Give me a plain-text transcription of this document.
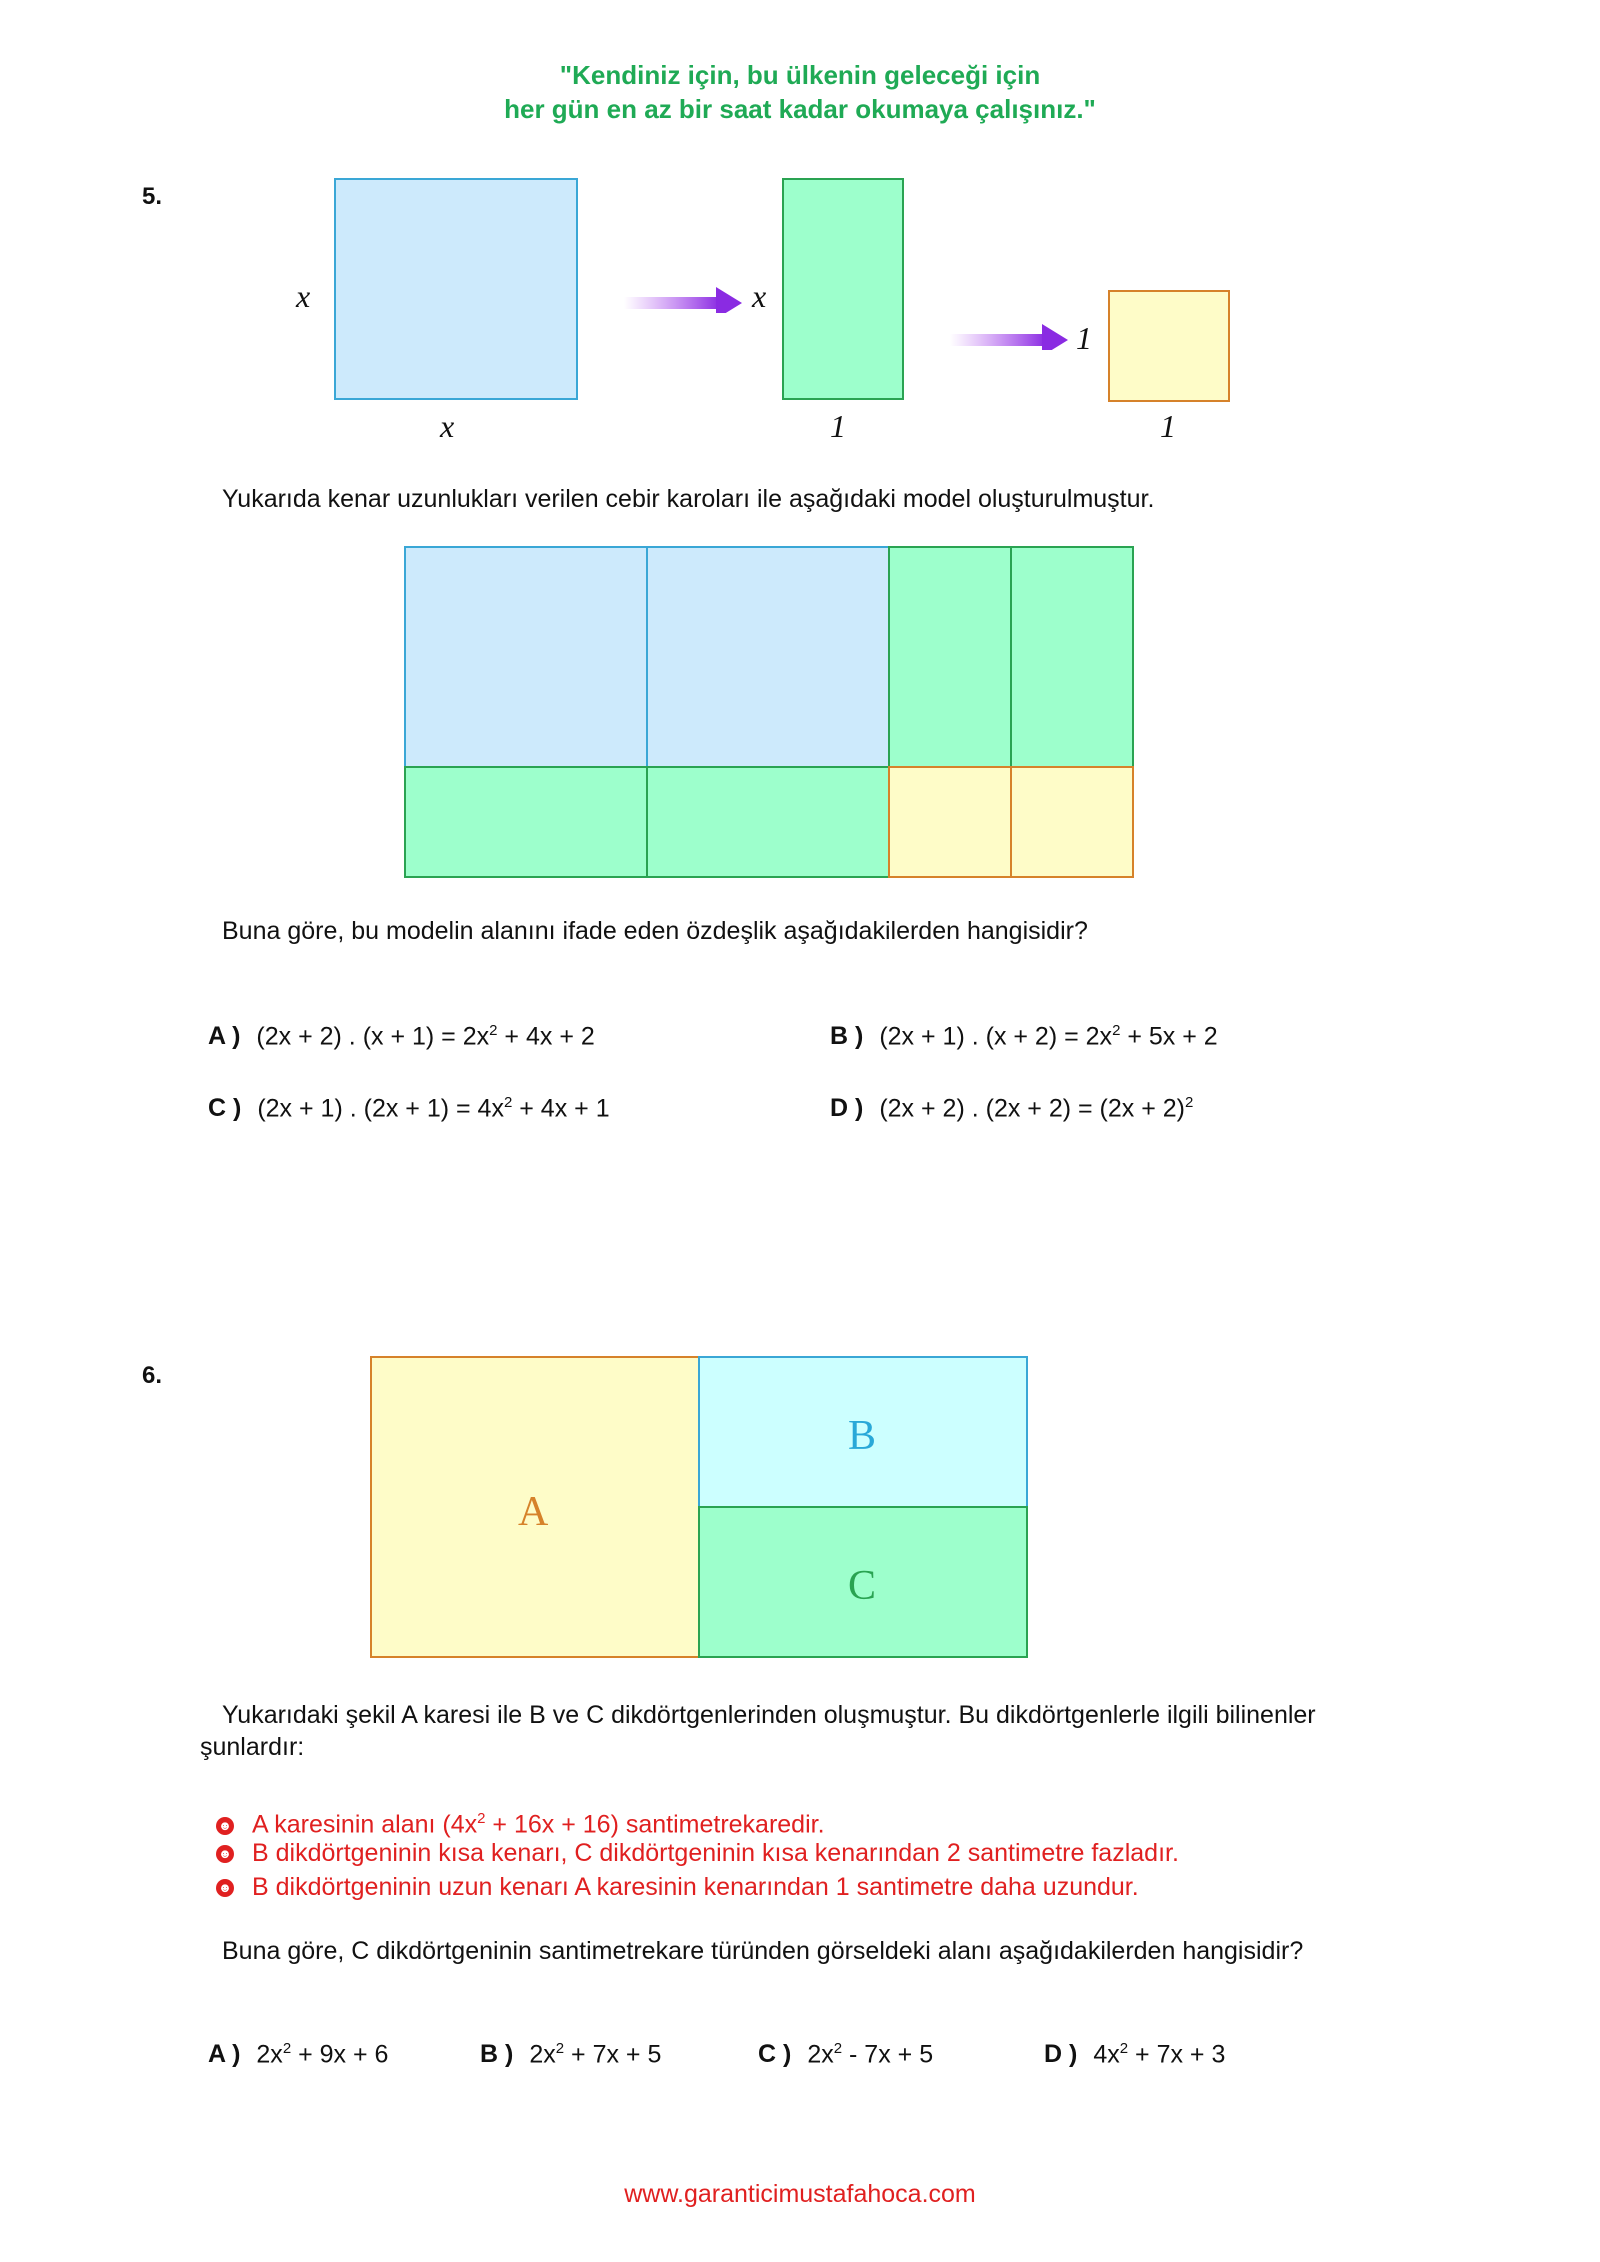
"Kendiniz için, bu ülkenin geleceği için
her gün en az bir saat kadar okumaya çalışınız."
5.
x
x
x
1
1
1
Yukarıda kenar uzunlukları verilen cebir karoları ile aşağıdaki model oluşturulmuştur.
Buna göre, bu modelin alanını ifade eden özdeşlik aşağıdakilerden hangisidir?
A ) (2x + 2) . $(x + 1) = 2x^2 + 4x + 2$	B ) (2x + 1) . $(x + 2) = 2x^2 + 5x + 2$
C ) (2x + 1) . $(2x + 1) = 4x^2 + 4x + 1$	D ) (2x + 2) . $(2x + 2) = (2x + 2)^2$
6.
A
B
C
Yukarıdaki şekil A karesi ile B ve C dikdörtgenlerinden oluşmuştur. Bu dikdörtgenlerle ilgili bilinenler
şunlardır:
☻ A karesinin alanı $(4x^2 + 16x + 16)$ santimetrekaredir.
☻ B dikdörtgeninin kısa kenarı, C dikdörtgeninin kısa kenarından 2 santimetre fazladır.
☻ B dikdörtgeninin uzun kenarı A karesinin kenarından 1 santimetre daha uzundur.
Buna göre, C dikdörtgeninin santimetrekare türünden görseldeki alanı aşağıdakilerden hangisidir?
A ) $2x^2 + 9x + 6$	B ) $2x^2 + 7x + 5$	C ) $2x^2 - 7x + 5$	D ) $4x^2 + 7x + 3$
www.garanticimustafahoca.com
